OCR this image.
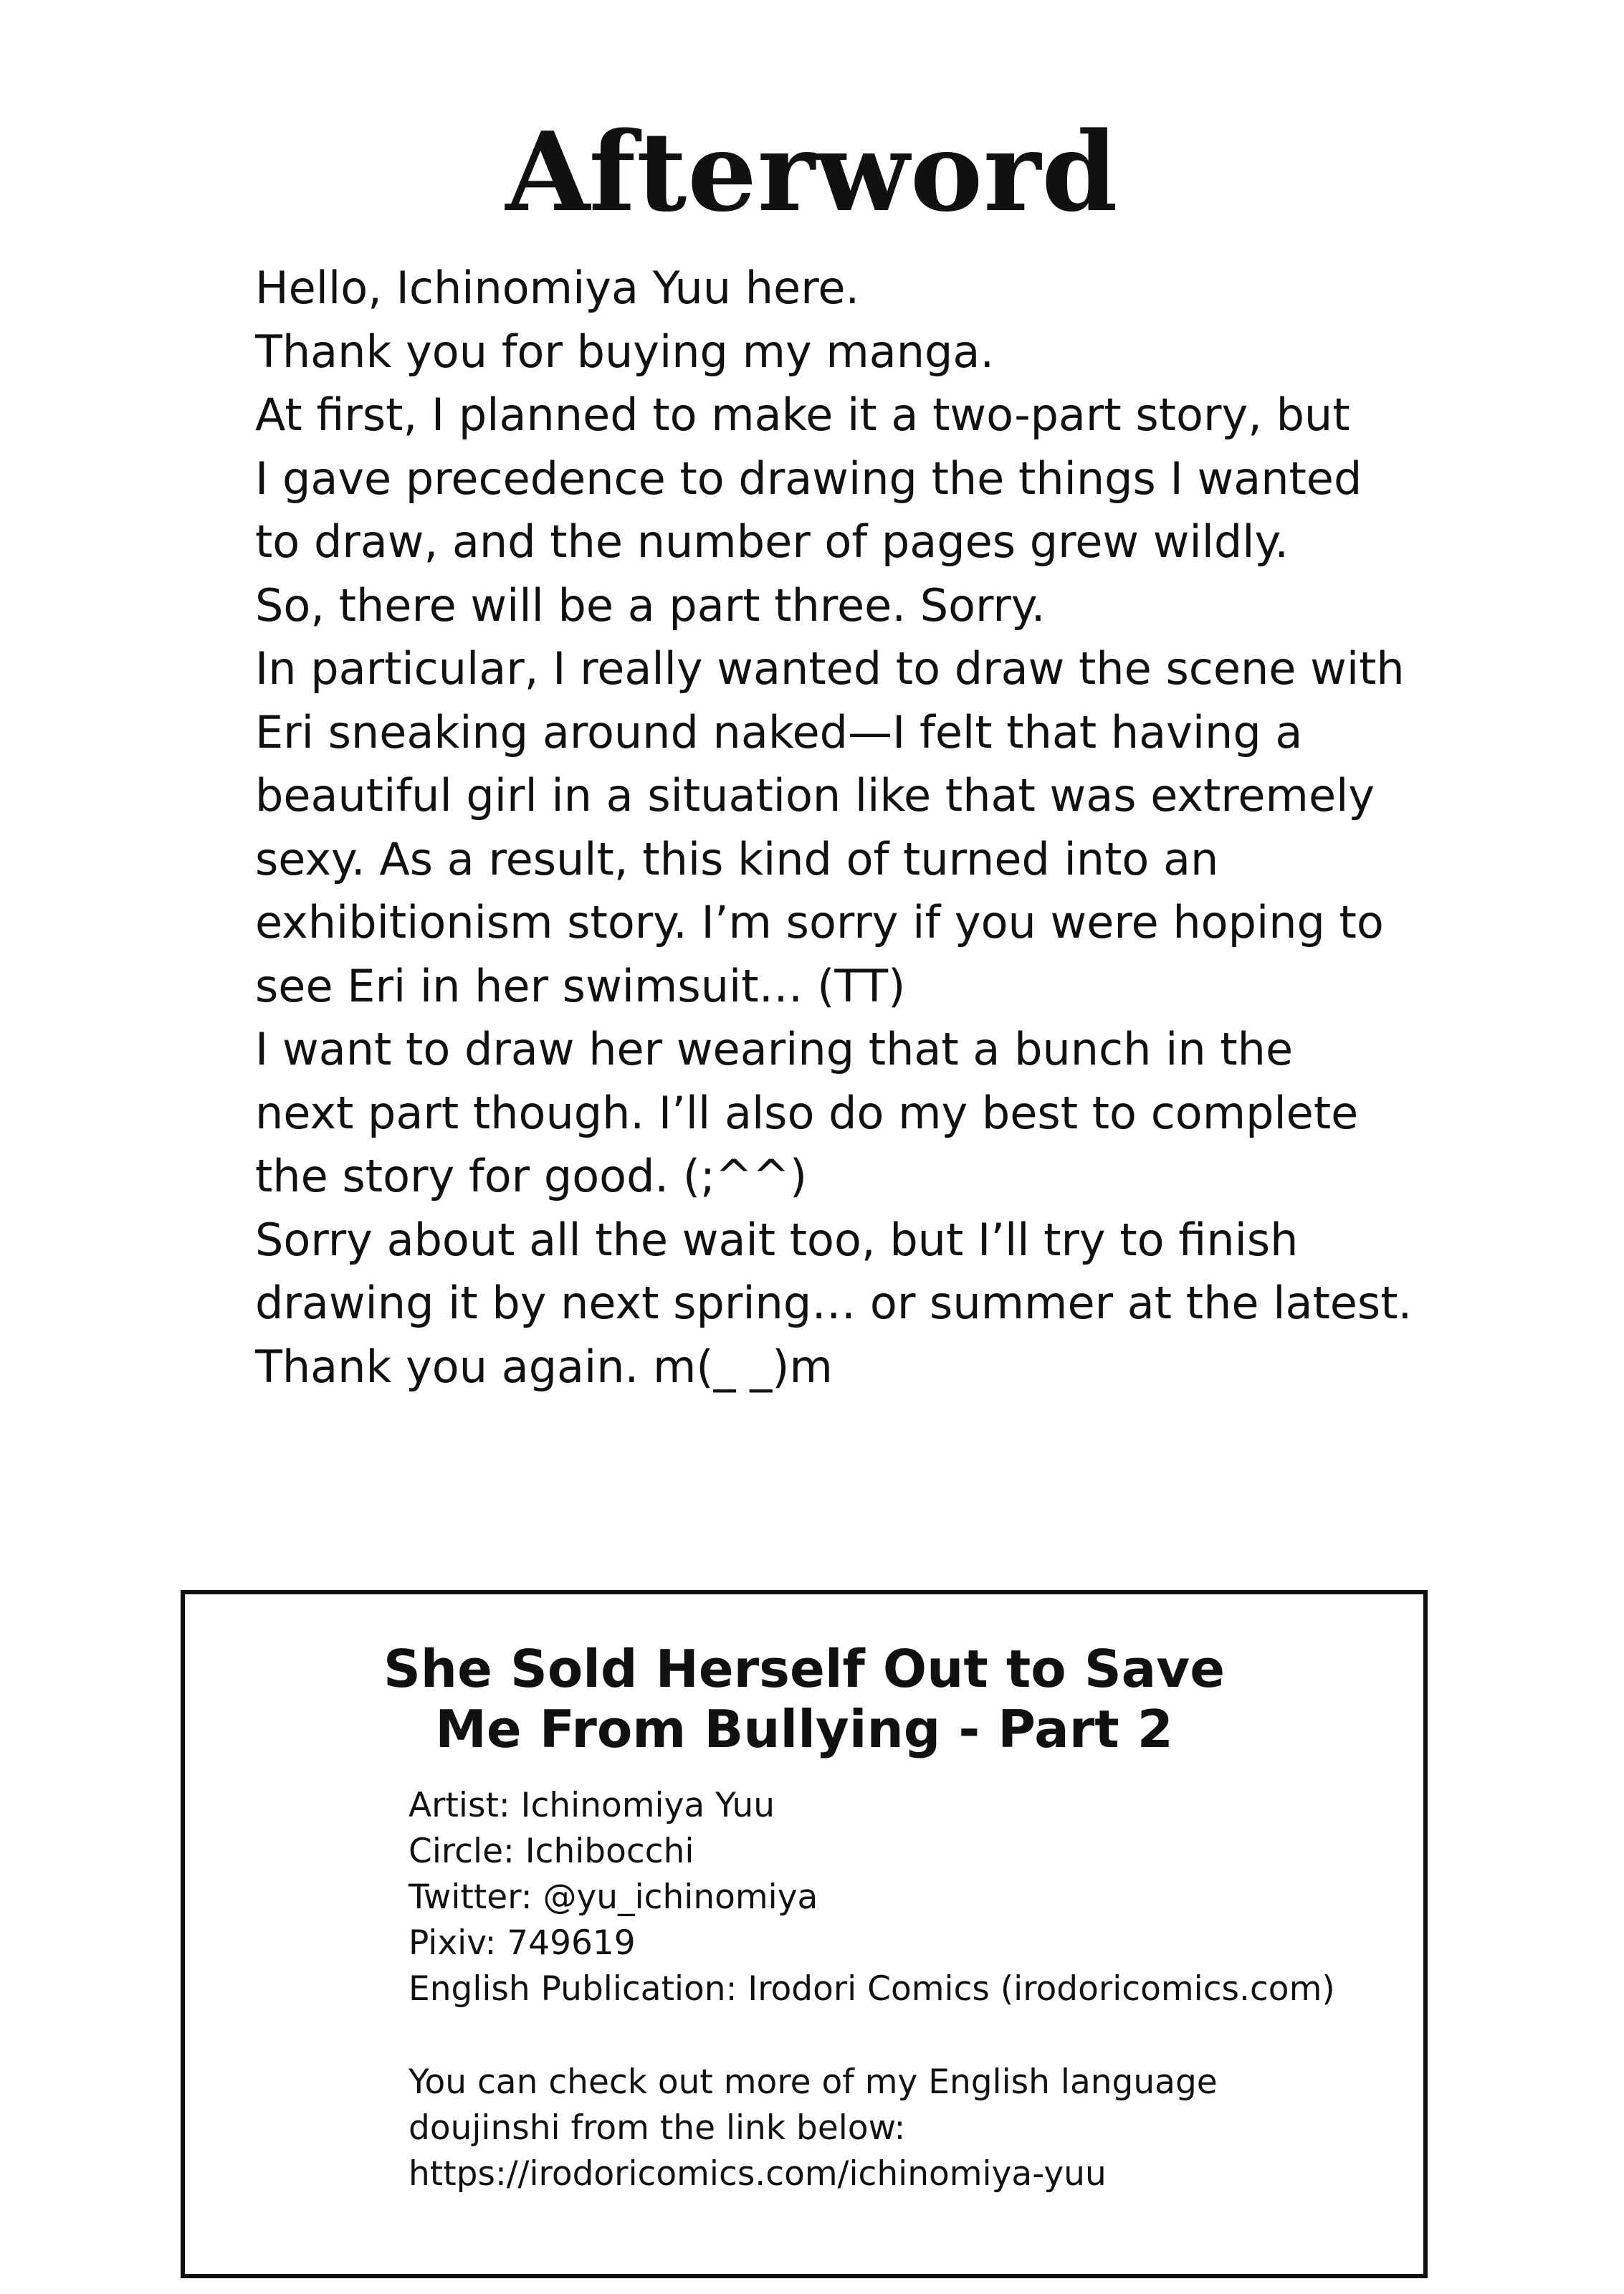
Afterword
Hello, Ichinomiya Yuu here.
Thank you for buying my manga.
At first, I planned to make it a two-part story, but
I gave precedence to drawing the things I wanted
to draw, and the number of pages grew wildly.
So, there will be a part three. Sorry.
In particular, I really wanted to draw the scene with
Eri sneaking around naked—I felt that having a
beautiful girl in a situation like that was extremely
sexy. As a result, this kind of turned into an
exhibitionism story. I’m sorry if you were hoping to
see Eri in her swimsuit… (TT)
I want to draw her wearing that a bunch in the
next part though. I’ll also do my best to complete
the story for good. (;^^)
Sorry about all the wait too, but I’ll try to finish
drawing it by next spring… or summer at the latest.
Thank you again. m(_ _)m
She Sold Herself Out to Save
Me From Bullying - Part 2
Artist: Ichinomiya Yuu
Circle: Ichibocchi
Twitter: @yu_ichinomiya
Pixiv: 749619
English Publication: Irodori Comics (irodoricomics.com)
You can check out more of my English language
doujinshi from the link below:
https://irodoricomics.com/ichinomiya-yuu
